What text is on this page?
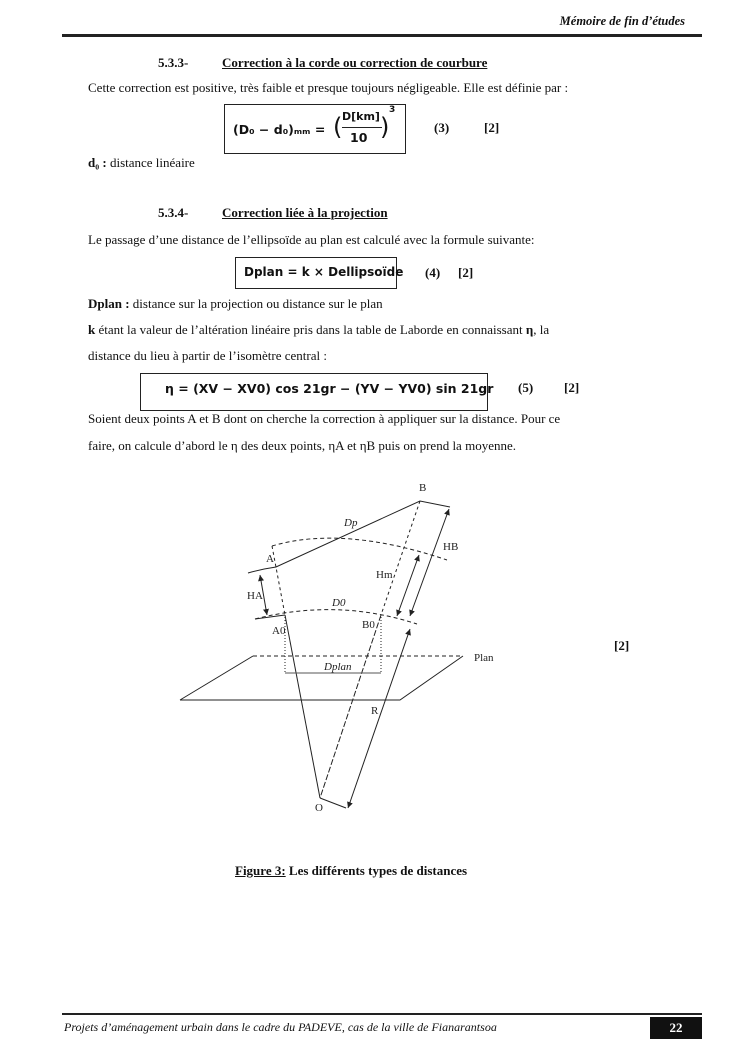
Mémoire de fin d’études
5.3.3-	Correction à la corde ou correction de courbure
Cette correction est positive, très faible et presque toujours négligeable. Elle est définie par :
(D₀ − d₀)ₘₘ = ( D[km]
10 )
3
(3)	[2]
d₀ : distance linéaire
5.3.4-	Correction liée à la projection
Le passage d’une distance de l’ellipsoïde au plan est calculé avec la formule suivante:
Dplan = k × Dellipsoïde (4) [2]
Dplan : distance sur la projection ou distance sur le plan
k étant la valeur de l’altération linéaire pris dans la table de Laborde en connaissant η, la
distance du lieu à partir de l’isomètre central :
η = (XV − XV0) cos 21gr − (YV − YV0) sin 21gr (5) [2]
Soient deux points A et B dont on cherche la correction à appliquer sur la distance. Pour ce
faire, on calcule d’abord le η des deux points, ηA et ηB puis on prend la moyenne.
B
Dp
A
HB
Hm
HA
D0
A0	B0
Plan
Dplan
R
O
[2]
Figure 3: Les différents types de distances
Projets d’aménagement urbain dans le cadre du PADEVE, cas de la ville de Fianarantsoa	22
